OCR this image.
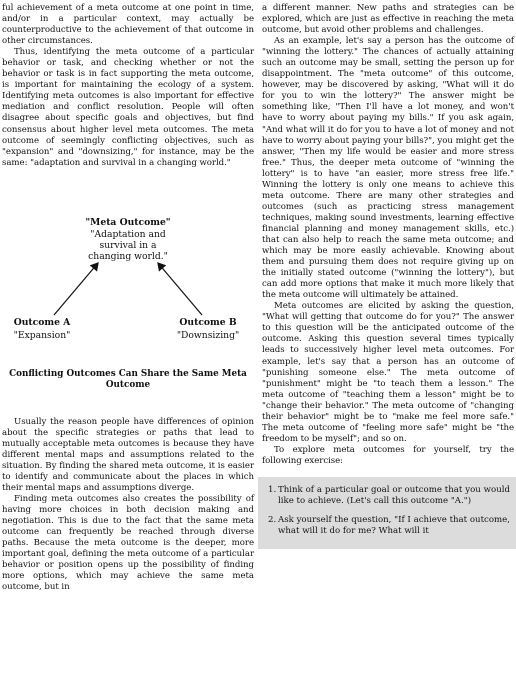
ful achievement of a meta outcome at one point in time, and/or in a particular context, may actually be counterproductive to the achievement of that outcome in other circumstances.

Thus, identifying the meta outcome of a particular behavior or task, and checking whether or not the behavior or task is in fact supporting the meta outcome, is important for maintaining the ecology of a system. Identifying meta outcomes is also important for effective mediation and conflict resolution. People will often disagree about specific goals and objectives, but find consensus about higher level meta outcomes. The meta outcome of seemingly conflicting objectives, such as "expansion" and "downsizing," for instance, may be the same: "adaptation and survival in a changing world."

"Meta Outcome"
"Adaptation and survival in a changing world."
Outcome A
"Expansion"
Outcome B
"Downsizing"
Conflicting Outcomes Can Share the Same Meta Outcome

Usually the reason people have differences of opinion about the specific strategies or paths that lead to mutually acceptable meta outcomes is because they have different mental maps and assumptions related to the situation. By finding the shared meta outcome, it is easier to identify and communicate about the places in which their mental maps and assumptions diverge.

Finding meta outcomes also creates the possibility of having more choices in both decision making and negotiation. This is due to the fact that the same meta outcome can frequently be reached through diverse paths. Because the meta outcome is the deeper, more important goal, defining the meta outcome of a particular behavior or position opens up the possibility of finding more options, which may achieve the same meta outcome, but in

a different manner. New paths and strategies can be explored, which are just as effective in reaching the meta outcome, but avoid other problems and challenges.

As an example, let's say a person has the outcome of "winning the lottery." The chances of actually attaining such an outcome may be small, setting the person up for disappointment. The "meta outcome" of this outcome, however, may be discovered by asking, "What will it do for you to win the lottery?" The answer might be something like, "Then I'll have a lot money, and won't have to worry about paying my bills." If you ask again, "And what will it do for you to have a lot of money and not have to worry about paying your bills?", you might get the answer, "Then my life would be easier and more stress free." Thus, the deeper meta outcome of "winning the lottery" is to have "an easier, more stress free life." Winning the lottery is only one means to achieve this meta outcome. There are many other strategies and outcomes (such as practicing stress management techniques, making sound investments, learning effective financial planning and money management skills, etc.) that can also help to reach the same meta outcome; and which may be more easily achievable. Knowing about them and pursuing them does not require giving up on the initially stated outcome ("winning the lottery"), but can add more options that make it much more likely that the meta outcome will ultimately be attained.

Meta outcomes are elicited by asking the question, "What will getting that outcome do for you?" The answer to this question will be the anticipated outcome of the outcome. Asking this question several times typically leads to successively higher level meta outcomes. For example, let's say that a person has an outcome of "punishing someone else." The meta outcome of "punishment" might be "to teach them a lesson." The meta outcome of "teaching them a lesson" might be to "change their behavior." The meta outcome of "changing their behavior" might be to "make me feel more safe." The meta outcome of "feeling more safe" might be "the freedom to be myself"; and so on.

To explore meta outcomes for yourself, try the following exercise:

1. Think of a particular goal or outcome that you would like to achieve. (Let's call this outcome "A.")
2. Ask yourself the question, "If I achieve that outcome, what will it do for me? What will it
